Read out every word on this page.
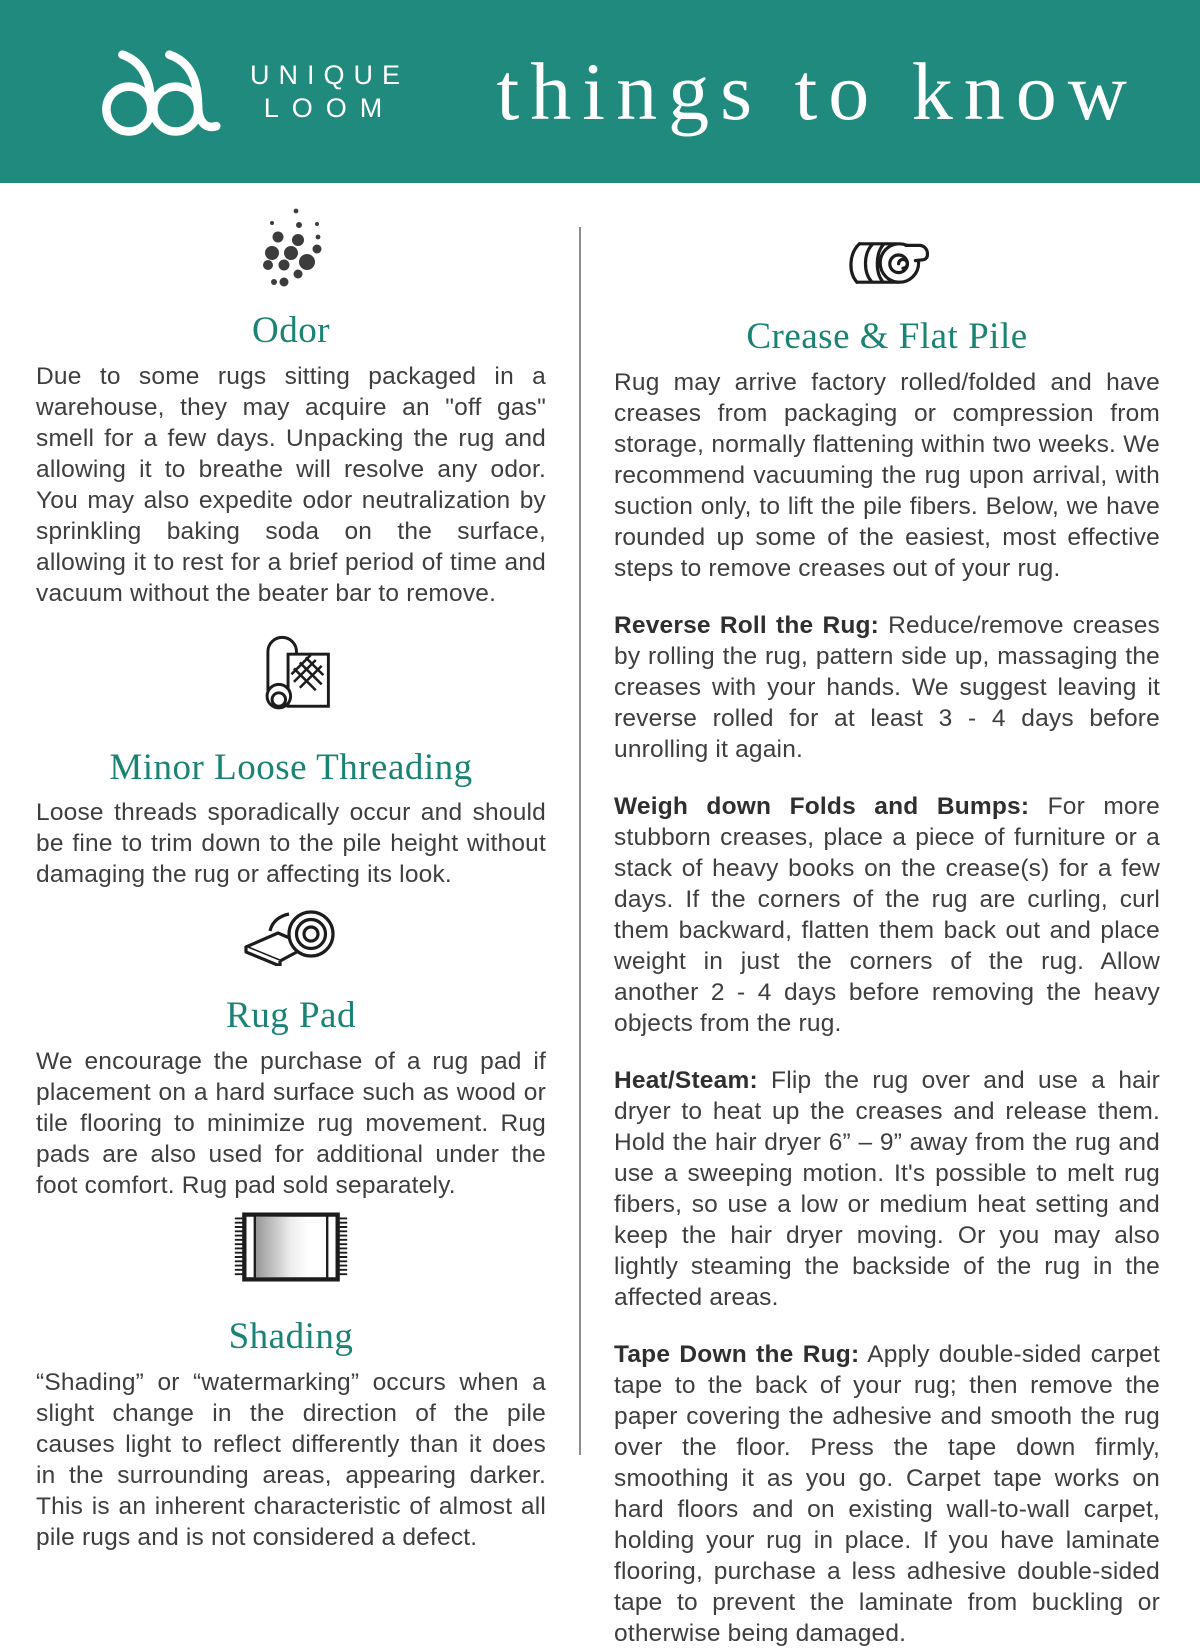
UNIQUE
LOOM things to know
Odor

Due to some rugs sitting packaged in a warehouse, they may acquire an "off gas" smell for a few days. Unpacking the rug and allowing it to breathe will resolve any odor. You may also expedite odor neutralization by sprinkling baking soda on the surface, allowing it to rest for a brief period of time and vacuum without the beater bar to remove.

Minor Loose Threading

Loose threads sporadically occur and should be fine to trim down to the pile height without damaging the rug or affecting its look.

Rug Pad

We encourage the purchase of a rug pad if placement on a hard surface such as wood or tile flooring to minimize rug movement. Rug pads are also used for additional under the foot comfort. Rug pad sold separately.

Shading

“Shading” or “watermarking” occurs when a slight change in the direction of the pile causes light to reflect differently than it does in the surrounding areas, appearing darker. This is an inherent characteristic of almost all pile rugs and is not considered a defect.

Crease & Flat Pile

Rug may arrive factory rolled/folded and have creases from packaging or compression from storage, normally flattening within two weeks. We recommend vacuuming the rug upon arrival, with suction only, to lift the pile fibers. Below, we have rounded up some of the easiest, most effective steps to remove creases out of your rug.

Reverse Roll the Rug: Reduce/remove creases by rolling the rug, pattern side up, massaging the creases with your hands. We suggest leaving it reverse rolled for at least 3 - 4 days before unrolling it again.

Weigh down Folds and Bumps: For more stubborn creases, place a piece of furniture or a stack of heavy books on the crease(s) for a few days. If the corners of the rug are curling, curl them backward, flatten them back out and place weight in just the corners of the rug. Allow another 2 - 4 days before removing the heavy objects from the rug.

Heat/Steam: Flip the rug over and use a hair dryer to heat up the creases and release them. Hold the hair dryer 6” – 9” away from the rug and use a sweeping motion. It's possible to melt rug fibers, so use a low or medium heat setting and keep the hair dryer moving. Or you may also lightly steaming the backside of the rug in the affected areas.

Tape Down the Rug: Apply double-sided carpet tape to the back of your rug; then remove the paper covering the adhesive and smooth the rug over the floor. Press the tape down firmly, smoothing it as you go. Carpet tape works on hard floors and on existing wall-to-wall carpet, holding your rug in place. If you have laminate flooring, purchase a less adhesive double-sided tape to prevent the laminate from buckling or otherwise being damaged.
